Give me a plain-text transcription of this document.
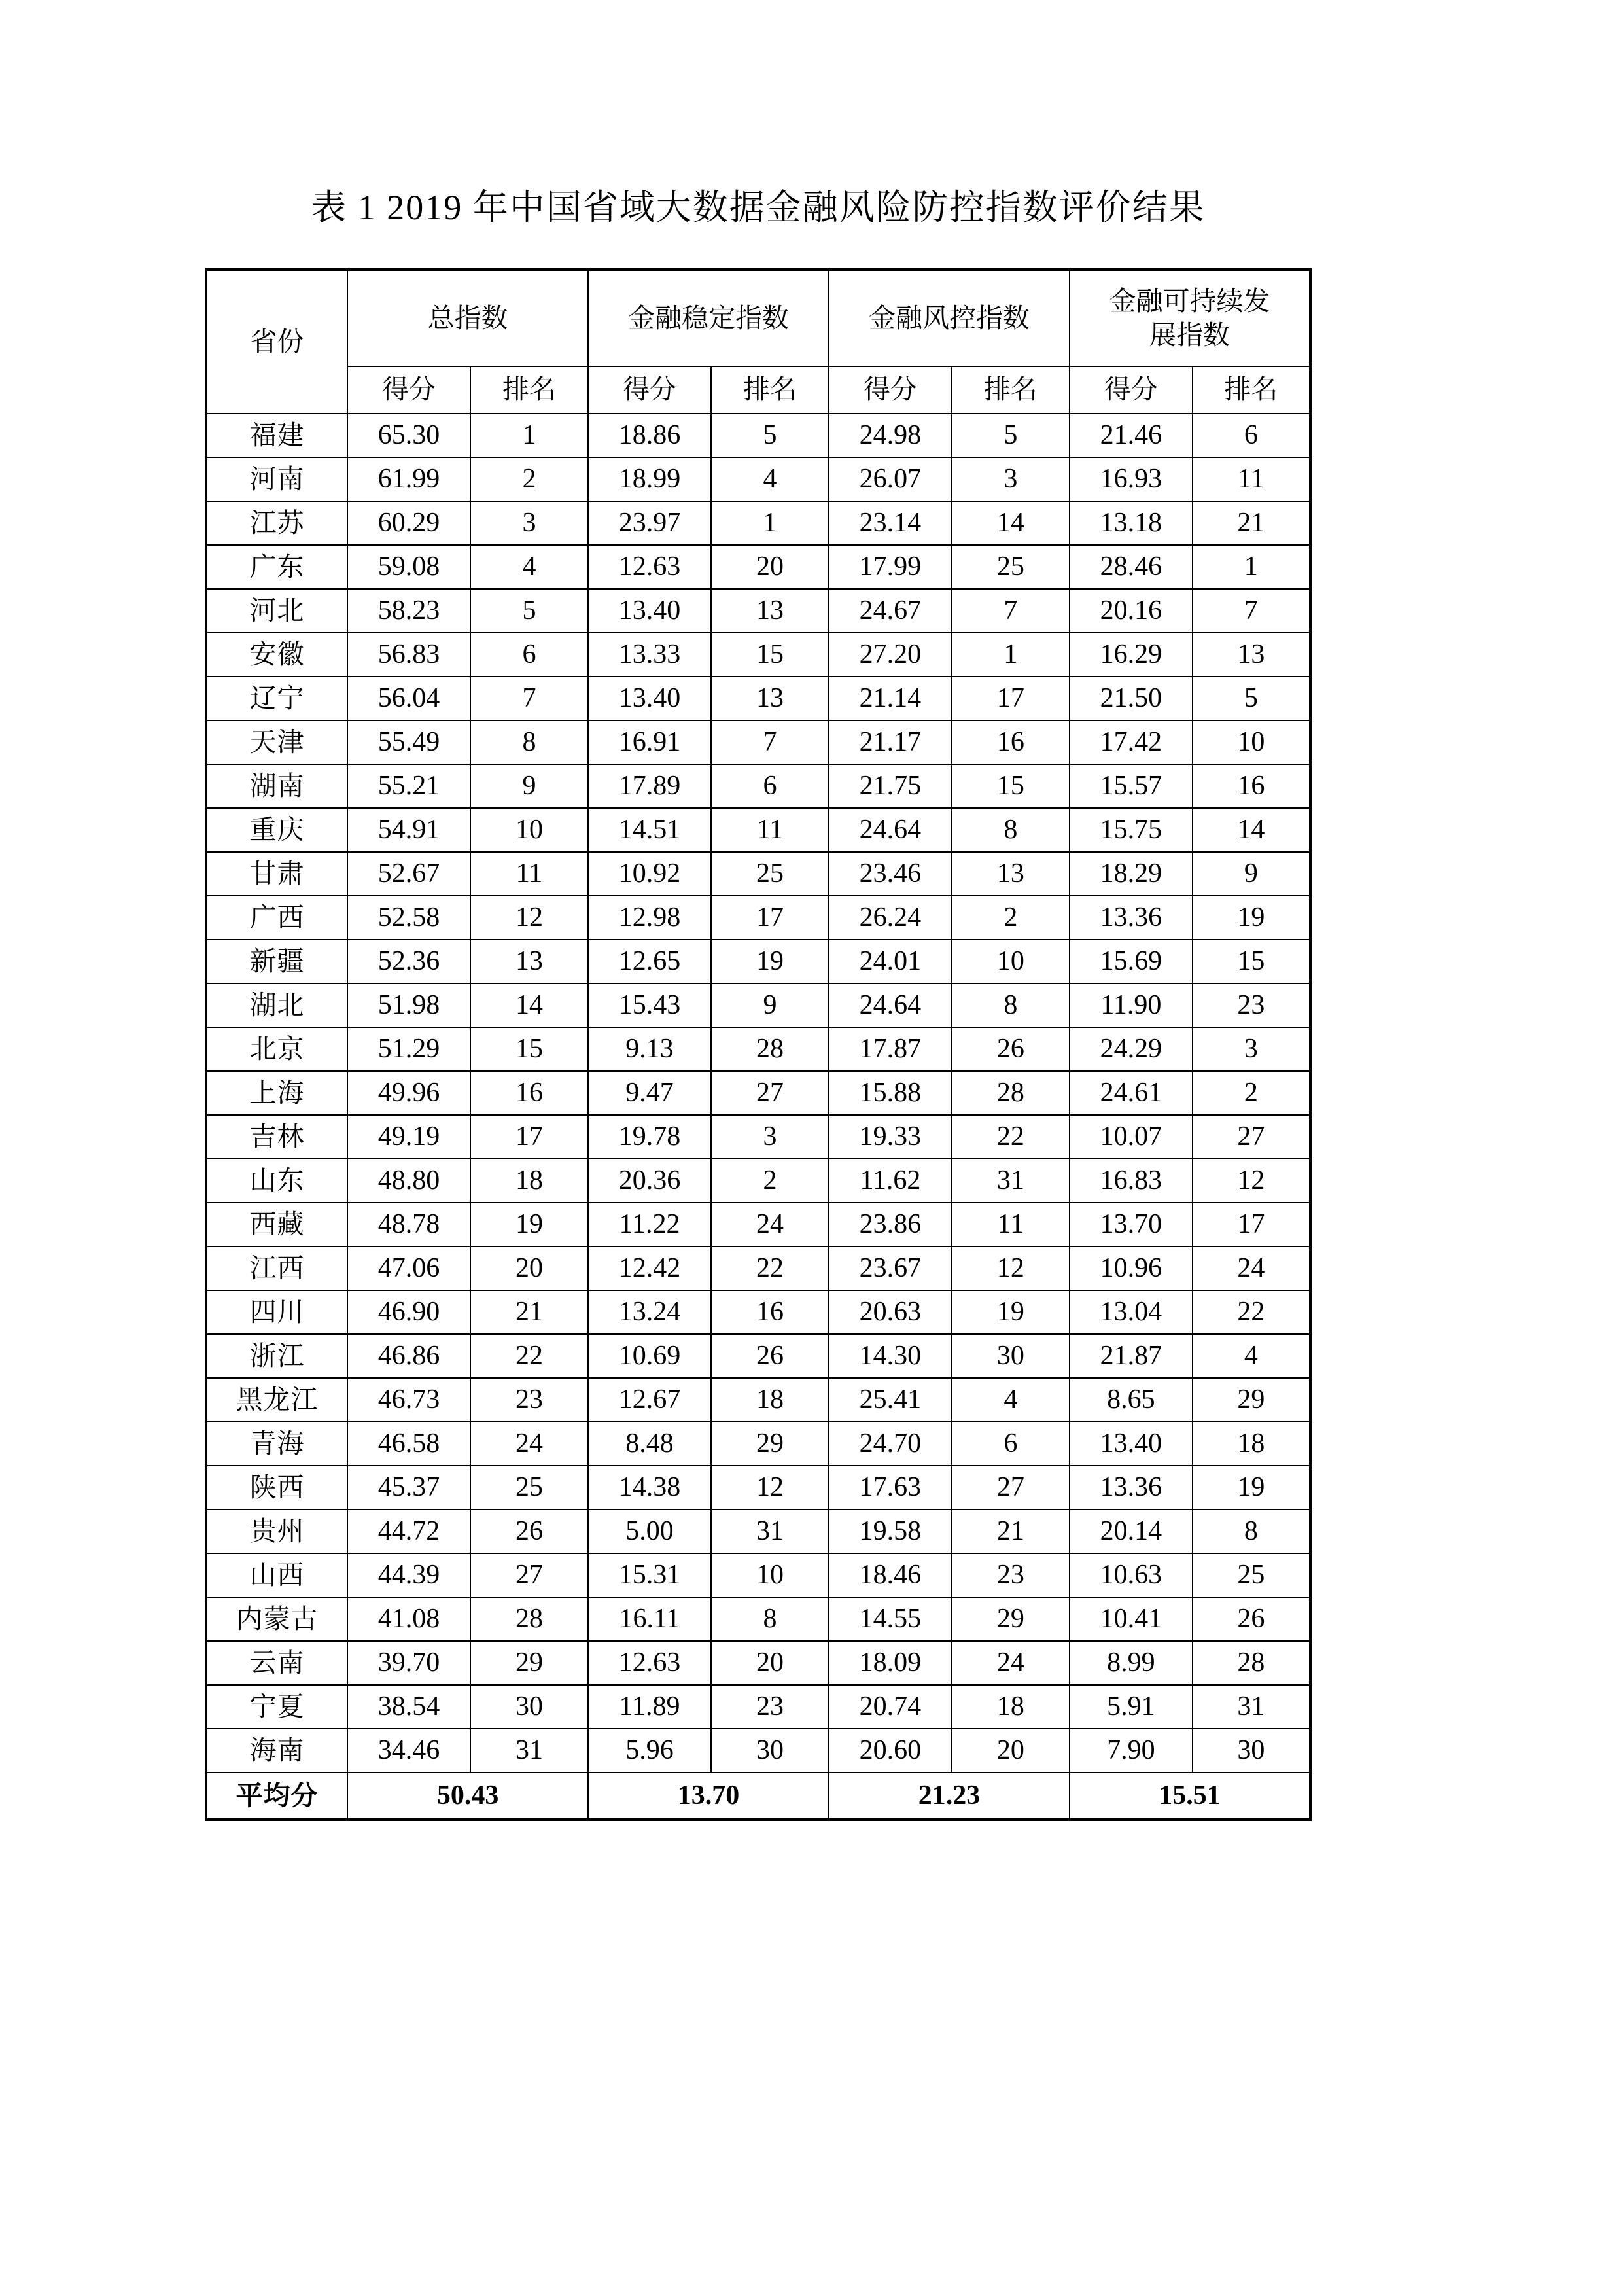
表 1 2019 年中国省域大数据金融风险防控指数评价结果
省份	总指数		金融稳定指数		金融风控指数		金融可持续发
展指数	

	得分	排名	得分	排名	得分	排名	得分	排名
福建	65.30	1	18.86	5	24.98	5	21.46	6
河南	61.99	2	18.99	4	26.07	3	16.93	11
江苏	60.29	3	23.97	1	23.14	14	13.18	21
广东	59.08	4	12.63	20	17.99	25	28.46	1
河北	58.23	5	13.40	13	24.67	7	20.16	7
安徽	56.83	6	13.33	15	27.20	1	16.29	13
辽宁	56.04	7	13.40	13	21.14	17	21.50	5
天津	55.49	8	16.91	7	21.17	16	17.42	10
湖南	55.21	9	17.89	6	21.75	15	15.57	16
重庆	54.91	10	14.51	11	24.64	8	15.75	14
甘肃	52.67	11	10.92	25	23.46	13	18.29	9
广西	52.58	12	12.98	17	26.24	2	13.36	19
新疆	52.36	13	12.65	19	24.01	10	15.69	15
湖北	51.98	14	15.43	9	24.64	8	11.90	23
北京	51.29	15	9.13	28	17.87	26	24.29	3
上海	49.96	16	9.47	27	15.88	28	24.61	2
吉林	49.19	17	19.78	3	19.33	22	10.07	27
山东	48.80	18	20.36	2	11.62	31	16.83	12
西藏	48.78	19	11.22	24	23.86	11	13.70	17
江西	47.06	20	12.42	22	23.67	12	10.96	24
四川	46.90	21	13.24	16	20.63	19	13.04	22
浙江	46.86	22	10.69	26	14.30	30	21.87	4
黑龙江	46.73	23	12.67	18	25.41	4	8.65	29
青海	46.58	24	8.48	29	24.70	6	13.40	18
陕西	45.37	25	14.38	12	17.63	27	13.36	19
贵州	44.72	26	5.00	31	19.58	21	20.14	8
山西	44.39	27	15.31	10	18.46	23	10.63	25
内蒙古	41.08	28	16.11	8	14.55	29	10.41	26
云南	39.70	29	12.63	20	18.09	24	8.99	28
宁夏	38.54	30	11.89	23	20.74	18	5.91	31
海南	34.46	31	5.96	30	20.60	20	7.90	30
平均分	50.43		13.70		21.23		15.51	
